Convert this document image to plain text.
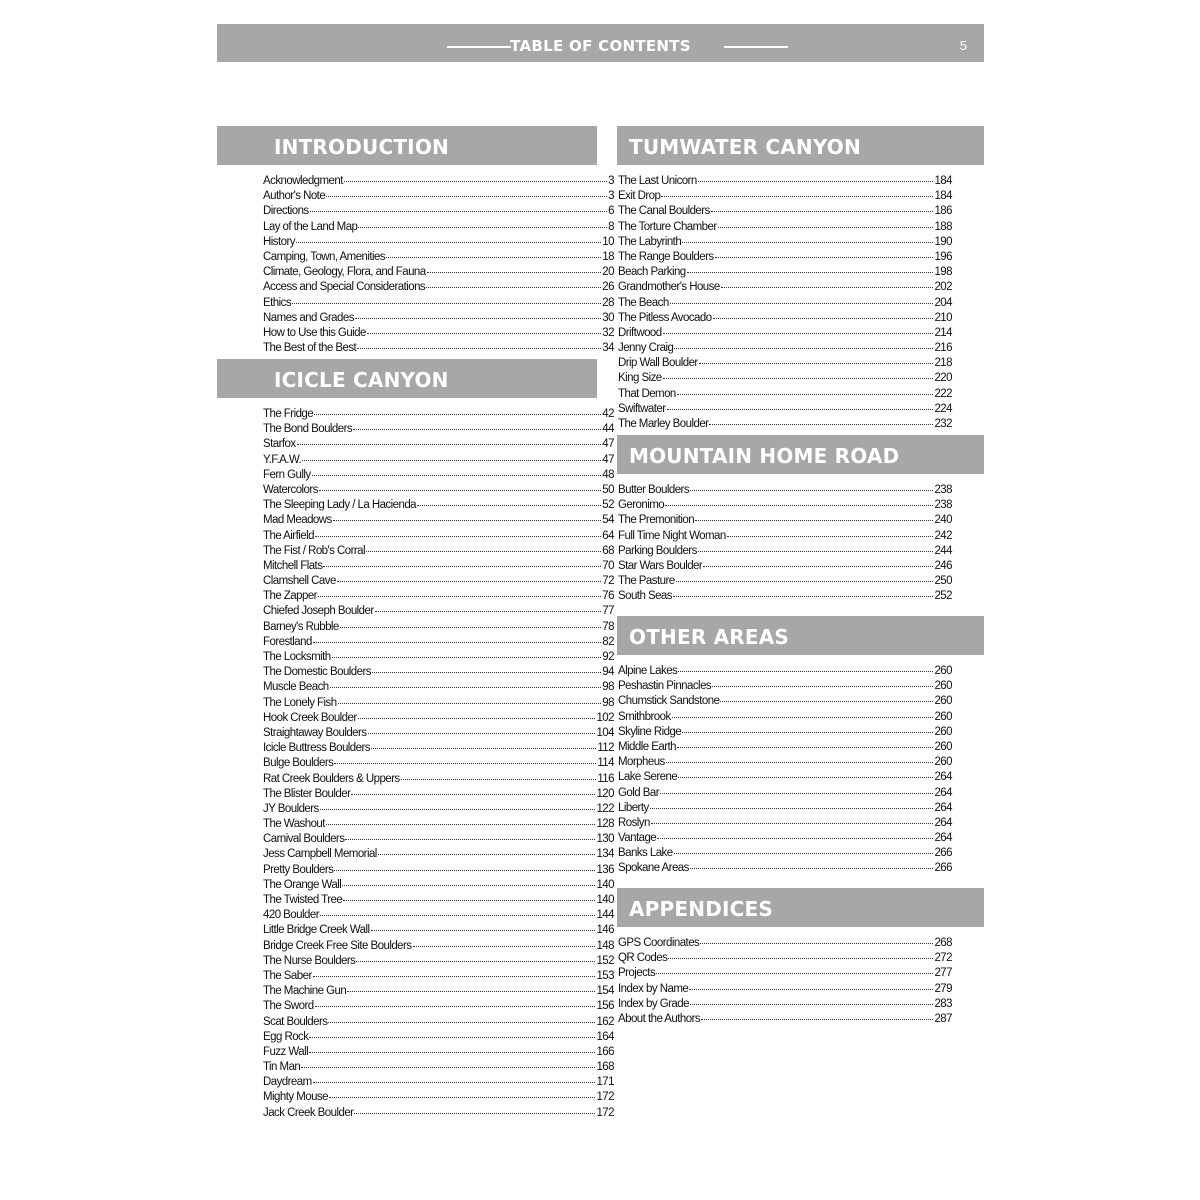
TABLE OF CONTENTS	5
INTRODUCTION
Acknowledgment	3
Author's Note	3
Directions	6
Lay of the Land Map	8
History	10
Camping, Town, Amenities	18
Climate, Geology, Flora, and Fauna	20
Access and Special Considerations	26
Ethics	28
Names and Grades	30
How to Use this Guide	32
The Best of the Best	34
ICICLE CANYON
The Fridge	42
The Bond Boulders	44
Starfox	47
Y.F.A.W.	47
Fern Gully	48
Watercolors	50
The Sleeping Lady / La Hacienda	52
Mad Meadows	54
The Airfield	64
The Fist / Rob's Corral	68
Mitchell Flats	70
Clamshell Cave	72
The Zapper	76
Chiefed Joseph Boulder	77
Barney's Rubble	78
Forestland	82
The Locksmith	92
The Domestic Boulders	94
Muscle Beach	98
The Lonely Fish	98
Hook Creek Boulder	102
Straightaway Boulders	104
Icicle Buttress Boulders	112
Bulge Boulders	114
Rat Creek Boulders & Uppers	116
The Blister Boulder	120
JY Boulders	122
The Washout	128
Carnival Boulders	130
Jess Campbell Memorial	134
Pretty Boulders	136
The Orange Wall	140
The Twisted Tree	140
420 Boulder	144
Little Bridge Creek Wall	146
Bridge Creek Free Site Boulders	148
The Nurse Boulders	152
The Saber	153
The Machine Gun	154
The Sword	156
Scat Boulders	162
Egg Rock	164
Fuzz Wall	166
Tin Man	168
Daydream	171
Mighty Mouse	172
Jack Creek Boulder	172
TUMWATER CANYON
The Last Unicorn	184
Exit Drop	184
The Canal Boulders	186
The Torture Chamber	188
The Labyrinth	190
The Range Boulders	196
Beach Parking	198
Grandmother's House	202
The Beach	204
The Pitless Avocado	210
Driftwood	214
Jenny Craig	216
Drip Wall Boulder	218
King Size	220
That Demon	222
Swiftwater	224
The Marley Boulder	232
MOUNTAIN HOME ROAD
Butter Boulders	238
Geronimo	238
The Premonition	240
Full Time Night Woman	242
Parking Boulders	244
Star Wars Boulder	246
The Pasture	250
South Seas	252
OTHER AREAS
Alpine Lakes	260
Peshastin Pinnacles	260
Chumstick Sandstone	260
Smithbrook	260
Skyline Ridge	260
Middle Earth	260
Morpheus	260
Lake Serene	264
Gold Bar	264
Liberty	264
Roslyn	264
Vantage	264
Banks Lake	266
Spokane Areas	266
APPENDICES
GPS Coordinates	268
QR Codes	272
Projects	277
Index by Name	279
Index by Grade	283
About the Authors	287
